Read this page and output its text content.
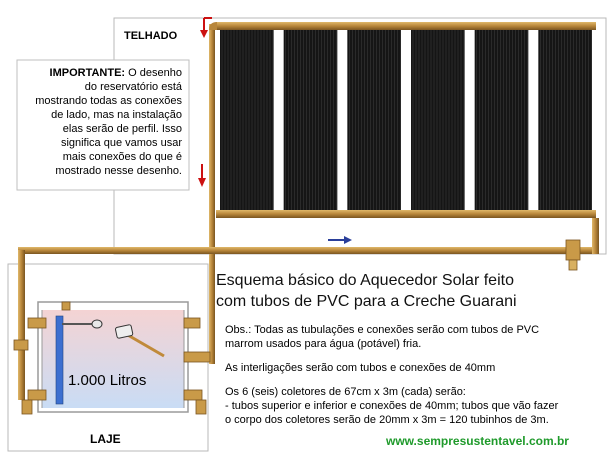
TELHADO
LAJE
1.000 Litros
IMPORTANTE: O desenho
do reservatório está
mostrando todas as conexões
de lado, mas na instalação
elas serão de perfil. Isso
significa que vamos usar
mais conexões do que é
mostrado nesse desenho.
Esquema básico do Aquecedor Solar feito
com tubos de PVC para a Creche Guarani
Obs.: Todas as tubulações e conexões serão com tubos de PVC
marrom usados para água (potável) fria.
As interligações serão com tubos e conexões de 40mm
Os 6 (seis) coletores de 67cm x 3m (cada) serão:
- tubos superior e inferior e conexões de 40mm; tubos que vão fazer
o corpo dos coletores serão de 20mm x 3m = 120 tubinhos de 3m.
www.sempresustentavel.com.br
